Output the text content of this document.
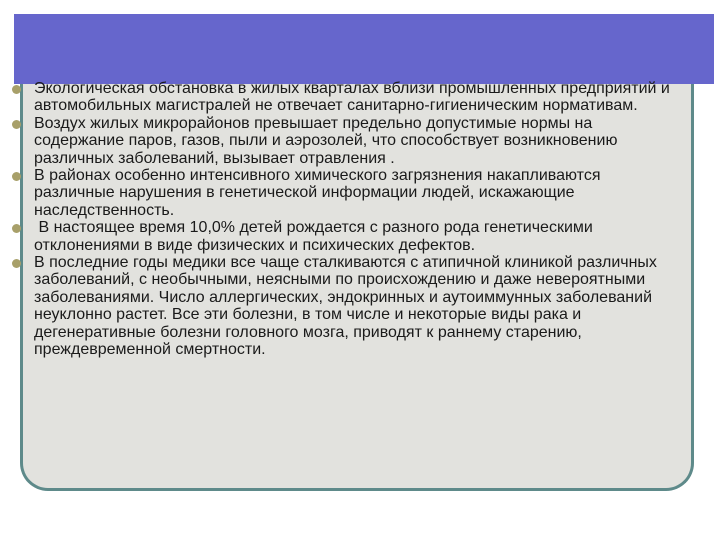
Экологическая обстановка в жилых кварталах вблизи промышленных предприятий и автомобильных магистралей не отвечает санитарно-гигиеническим нормативам.
Воздух жилых микрорайонов превышает предельно допустимые нормы на содержание паров, газов, пыли и аэрозолей, что способствует возникновению различных заболеваний, вызывает отравления .
В районах особенно интенсивного химического загрязнения накапливаются различные нарушения в генетической информации людей, искажающие наследственность.
В настоящее время 10,0% детей рождается с разного рода генетическими отклонениями в виде физических и психических дефектов.
В последние годы медики все чаще сталкиваются с атипичной клиникой различных заболеваний, с необычными, неясными по происхождению и даже невероятными заболеваниями. Число аллергических, эндокринных и аутоиммунных заболеваний неуклонно растет. Все эти болезни, в том числе и некоторые виды рака и дегенеративные болезни головного мозга, приводят к раннему старению, преждевременной смертности.
